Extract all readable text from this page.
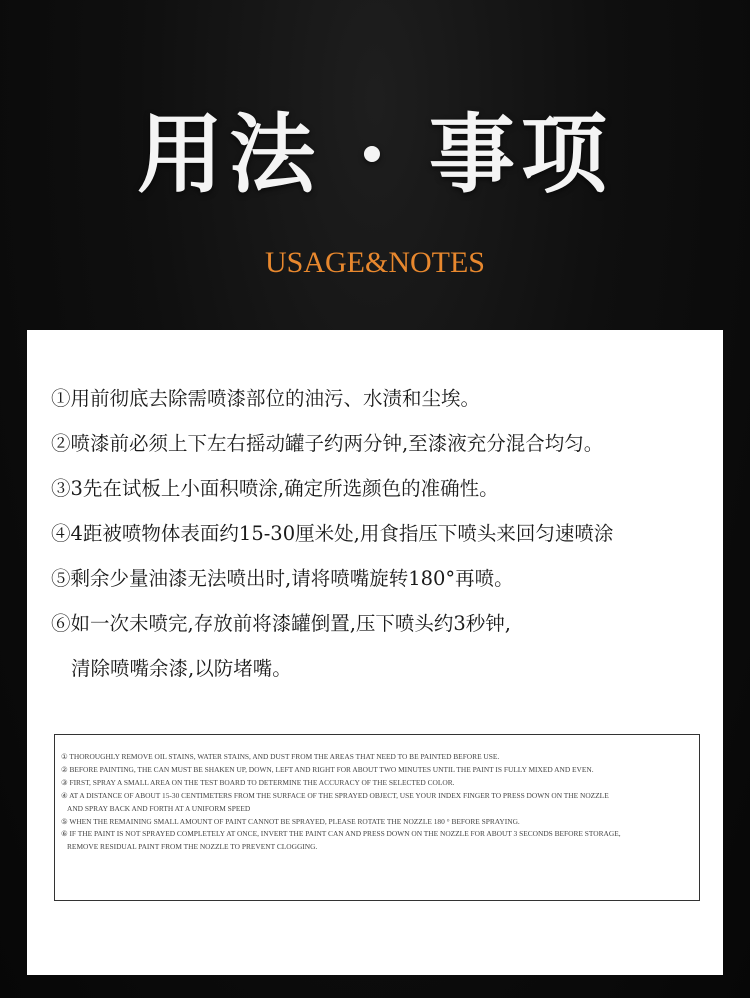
用法 · 事项
USAGE&NOTES
①用前彻底去除需喷漆部位的油污、水渍和尘埃。
②喷漆前必须上下左右摇动罐子约两分钟,至漆液充分混合均匀。
③3先在试板上小面积喷涂,确定所选颜色的准确性。
④4距被喷物体表面约15-30厘米处,用食指压下喷头来回匀速喷涂
⑤剩余少量油漆无法喷出时,请将喷嘴旋转180°再喷。
⑥如一次未喷完,存放前将漆罐倒置,压下喷头约3秒钟,
清除喷嘴余漆,以防堵嘴。
① THOROUGHLY REMOVE OIL STAINS, WATER STAINS, AND DUST FROM THE AREAS THAT NEED TO BE PAINTED BEFORE USE.
② BEFORE PAINTING, THE CAN MUST BE SHAKEN UP, DOWN, LEFT AND RIGHT FOR ABOUT TWO MINUTES UNTIL THE PAINT IS FULLY MIXED AND EVEN.
③ FIRST, SPRAY A SMALL AREA ON THE TEST BOARD TO DETERMINE THE ACCURACY OF THE SELECTED COLOR.
④ AT A DISTANCE OF ABOUT 15-30 CENTIMETERS FROM THE SURFACE OF THE SPRAYED OBJECT, USE YOUR INDEX FINGER TO PRESS DOWN ON THE NOZZLE
AND SPRAY BACK AND FORTH AT A UNIFORM SPEED
⑤ WHEN THE REMAINING SMALL AMOUNT OF PAINT CANNOT BE SPRAYED, PLEASE ROTATE THE NOZZLE 180 ° BEFORE SPRAYING.
⑥ IF THE PAINT IS NOT SPRAYED COMPLETELY AT ONCE, INVERT THE PAINT CAN AND PRESS DOWN ON THE NOZZLE FOR ABOUT 3 SECONDS BEFORE STORAGE,
REMOVE RESIDUAL PAINT FROM THE NOZZLE TO PREVENT CLOGGING.
